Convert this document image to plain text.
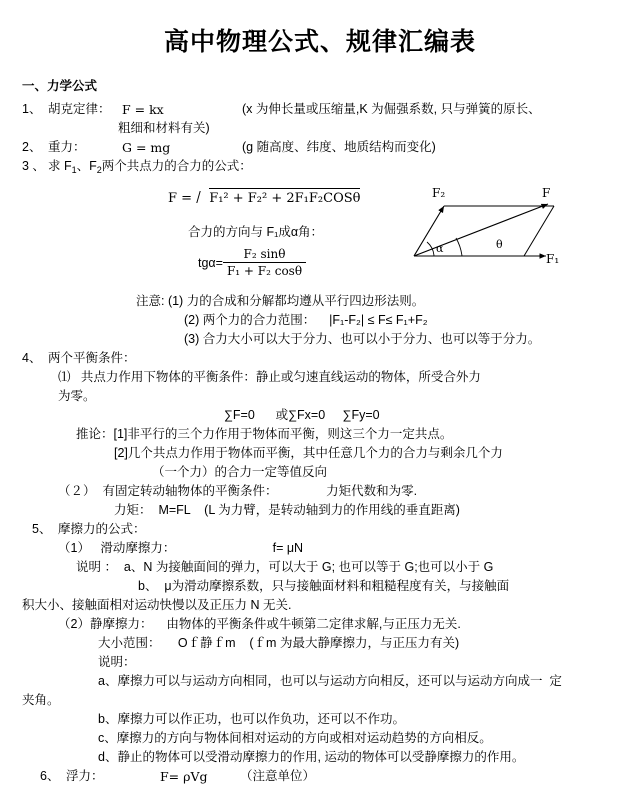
高中物理公式、规律汇编表
一、力学公式
1、 胡克定律： F = kx	(x 为伸长量或压缩量,K 为倔强系数, 只与弹簧的原长、
粗细和材料有关)
2、 重力：	G = mg	(g 随高度、纬度、地质结构而变化)
3 、 求 $F_1$、$F_2$两个共点力的合力的公式：
F = F₁² + F₂² + 2F₁F₂COSθ
合力的方向与 F₁成α角：
$tg\alpha= \frac{\text{F₂ sinθ}}{\text{F₁ + F₂ cosθ}}$
F₂	F
F₁
α	θ
注意: (1) 力的合成和分解都均遵从平行四边形法则。
(2) 两个力的合力范围：    |F₁-F₂| ≤ F≤ F₁+F₂
(3) 合力大小可以大于分力、也可以小于分力、也可以等于分力。
4、 两个平衡条件：
⑴   共点力作用下物体的平衡条件：静止或匀速直线运动的物体，所受合外力
为零。
∑F=0      或∑Fx=0     ∑Fy=0
推论：[1]非平行的三个力作用于物体而平衡，则这三个力一定共点。
[2]几个共点力作用于物体而平衡，其中任意几个力的合力与剩余几个力
（一个力）的合力一定等值反向
（２）  有固定转动轴物体的平衡条件：              力矩代数和为零.
力矩：  M=FL    (L 为力臂，是转动轴到力的作用线的垂直距离)
5、 摩擦力的公式：
（1）   滑动摩擦力：                            f= μN
说明 ：  a、N 为接触面间的弹力，可以大于 G; 也可以等于 G;也可以小于 G
b、  μ为滑动摩擦系数，只与接触面材料和粗糙程度有关，与接触面
积大小、接触面相对运动快慢以及正压力 N 无关.
（2）静摩擦力：    由物体的平衡条件或牛顿第二定律求解,与正压力无关.
大小范围：     Oｆ静ｆm    (ｆm 为最大静摩擦力，与正压力有关)
说明：
a、摩擦力可以与运动方向相同，也可以与运动方向相反，还可以与运动方向成一  定
夹角。
b、摩擦力可以作正功，也可以作负功，还可以不作功。
c、摩擦力的方向与物体间相对运动的方向或相对运动趋势的方向相反。
d、静止的物体可以受滑动摩擦力的作用, 运动的物体可以受静摩擦力的作用。
6、 浮力：	F= ρVg	（注意单位）
